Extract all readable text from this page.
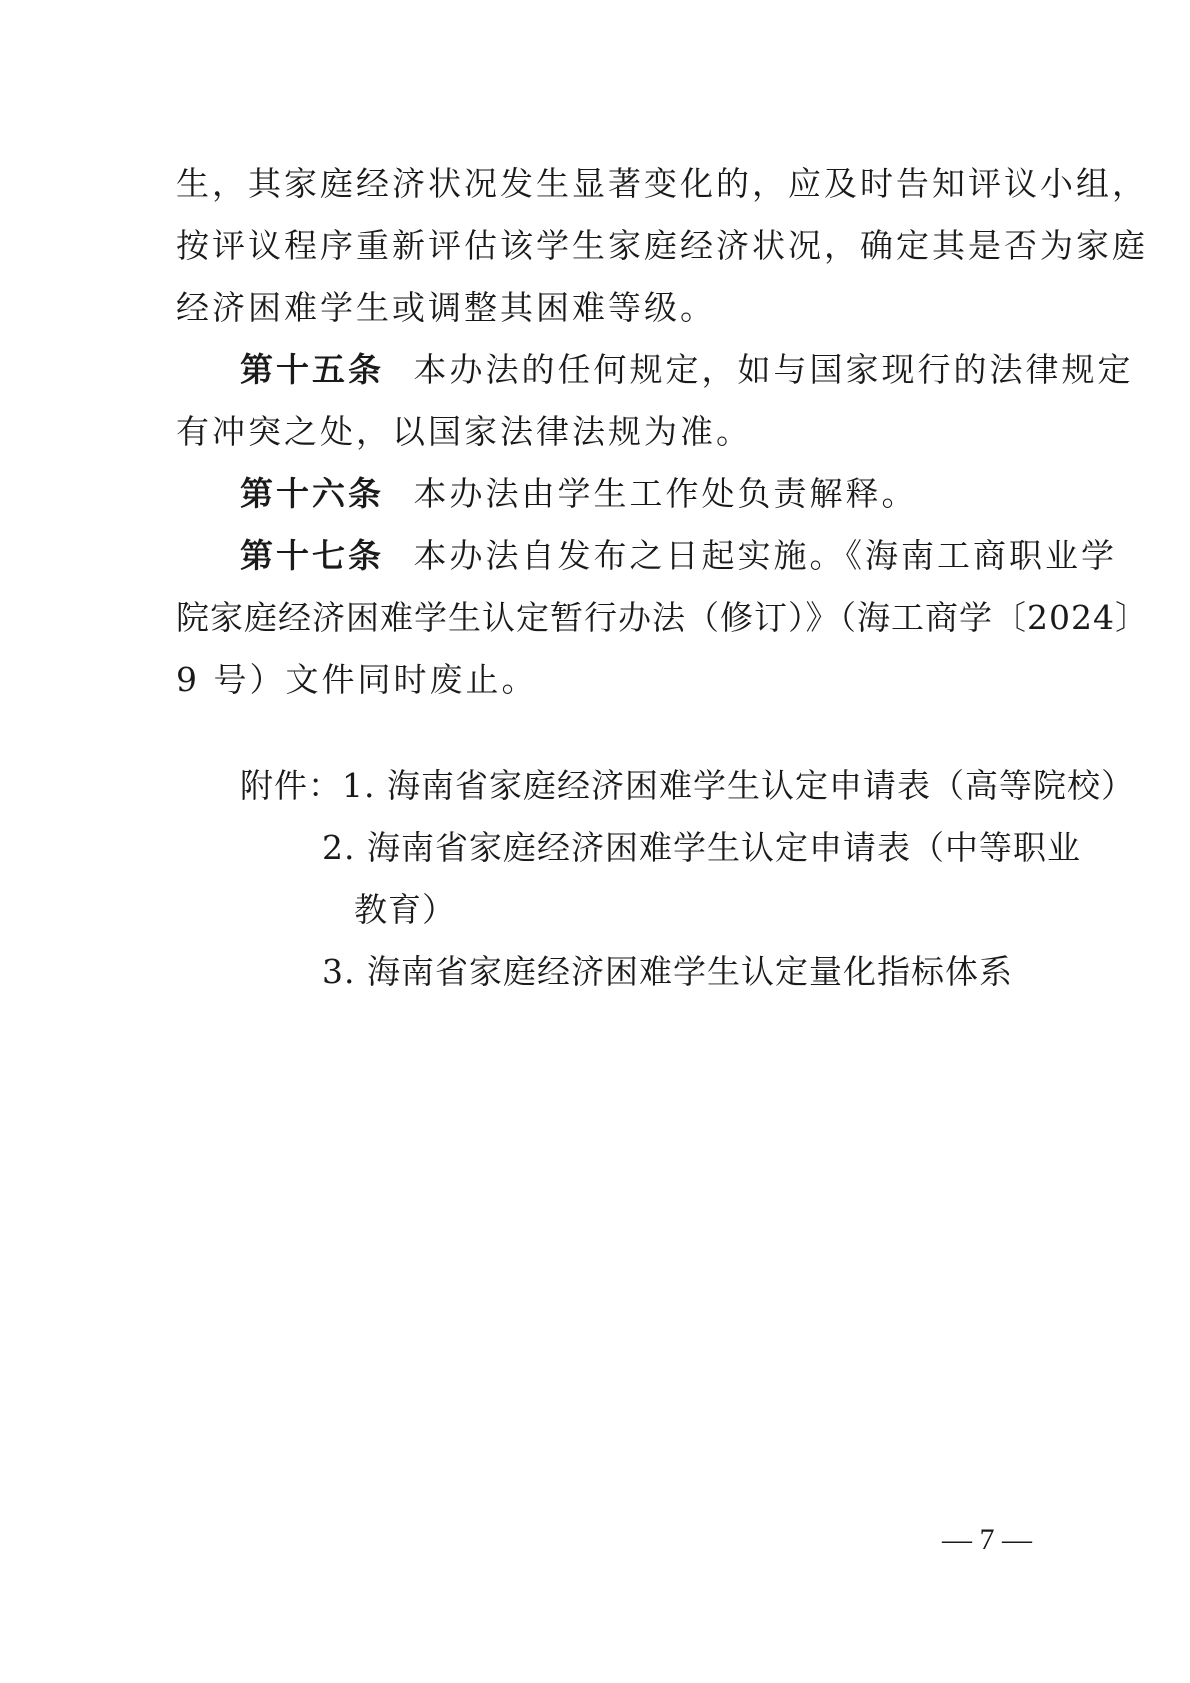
生，其家庭经济状况发生显著变化的，应及时告知评议小组，
按评议程序重新评估该学生家庭经济状况，确定其是否为家庭
经济困难学生或调整其困难等级。
第十五条 本办法的任何规定，如与国家现行的法律规定
有冲突之处，以国家法律法规为准。
第十六条 本办法由学生工作处负责解释。
第十七条 本办法自发布之日起实施。《海南工商职业学
院家庭经济困难学生认定暂行办法（修订）》（海工商学〔2024〕
9 号）文件同时废止。
附件：1. 海南省家庭经济困难学生认定申请表（高等院校）
2. 海南省家庭经济困难学生认定申请表（中等职业
教育）
3. 海南省家庭经济困难学生认定量化指标体系
— 7 —
